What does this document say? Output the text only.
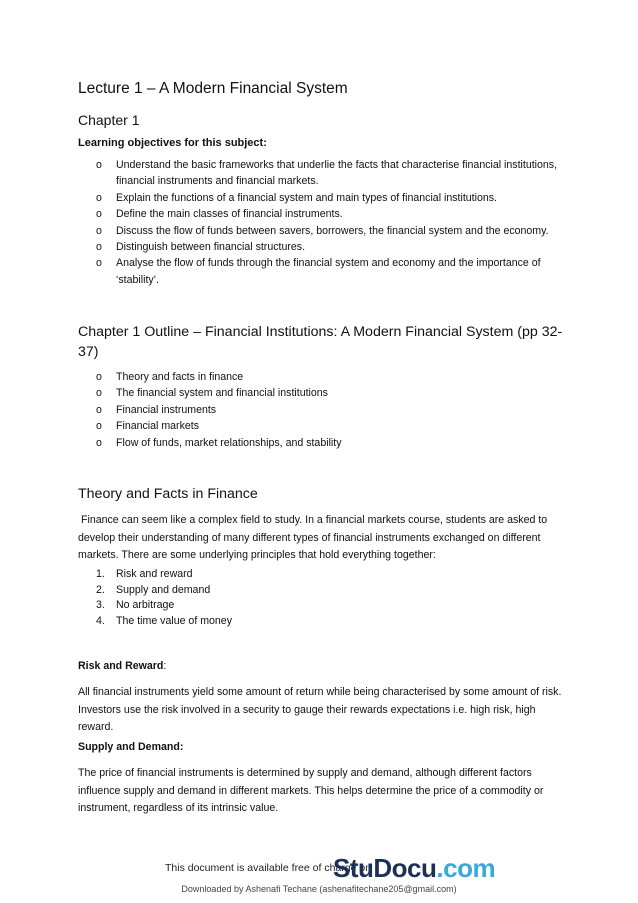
Lecture 1 – A Modern Financial System
Chapter 1
Learning objectives for this subject:
o Understand the basic frameworks that underlie the facts that characterise financial institutions, financial instruments and financial markets.
o Explain the functions of a financial system and main types of financial institutions.
o Define the main classes of financial instruments.
o Discuss the flow of funds between savers, borrowers, the financial system and the economy.
o Distinguish between financial structures.
o Analyse the flow of funds through the financial system and economy and the importance of ‘stability’.
Chapter 1 Outline – Financial Institutions: A Modern Financial System (pp 32-37)
o Theory and facts in finance
o The financial system and financial institutions
o Financial instruments
o Financial markets
o Flow of funds, market relationships, and stability
Theory and Facts in Finance
Finance can seem like a complex field to study. In a financial markets course, students are asked to develop their understanding of many different types of financial instruments exchanged on different markets. There are some underlying principles that hold everything together:
1. Risk and reward
2. Supply and demand
3. No arbitrage
4. The time value of money
Risk and Reward:
All financial instruments yield some amount of return while being characterised by some amount of risk. Investors use the risk involved in a security to gauge their rewards expectations i.e. high risk, high reward.
Supply and Demand:
The price of financial instruments is determined by supply and demand, although different factors influence supply and demand in different markets. This helps determine the price of a commodity or instrument, regardless of its intrinsic value.
This document is available free of charge on
StuDocu.com
Downloaded by Ashenafi Techane (ashenafitechane205@gmail.com)
